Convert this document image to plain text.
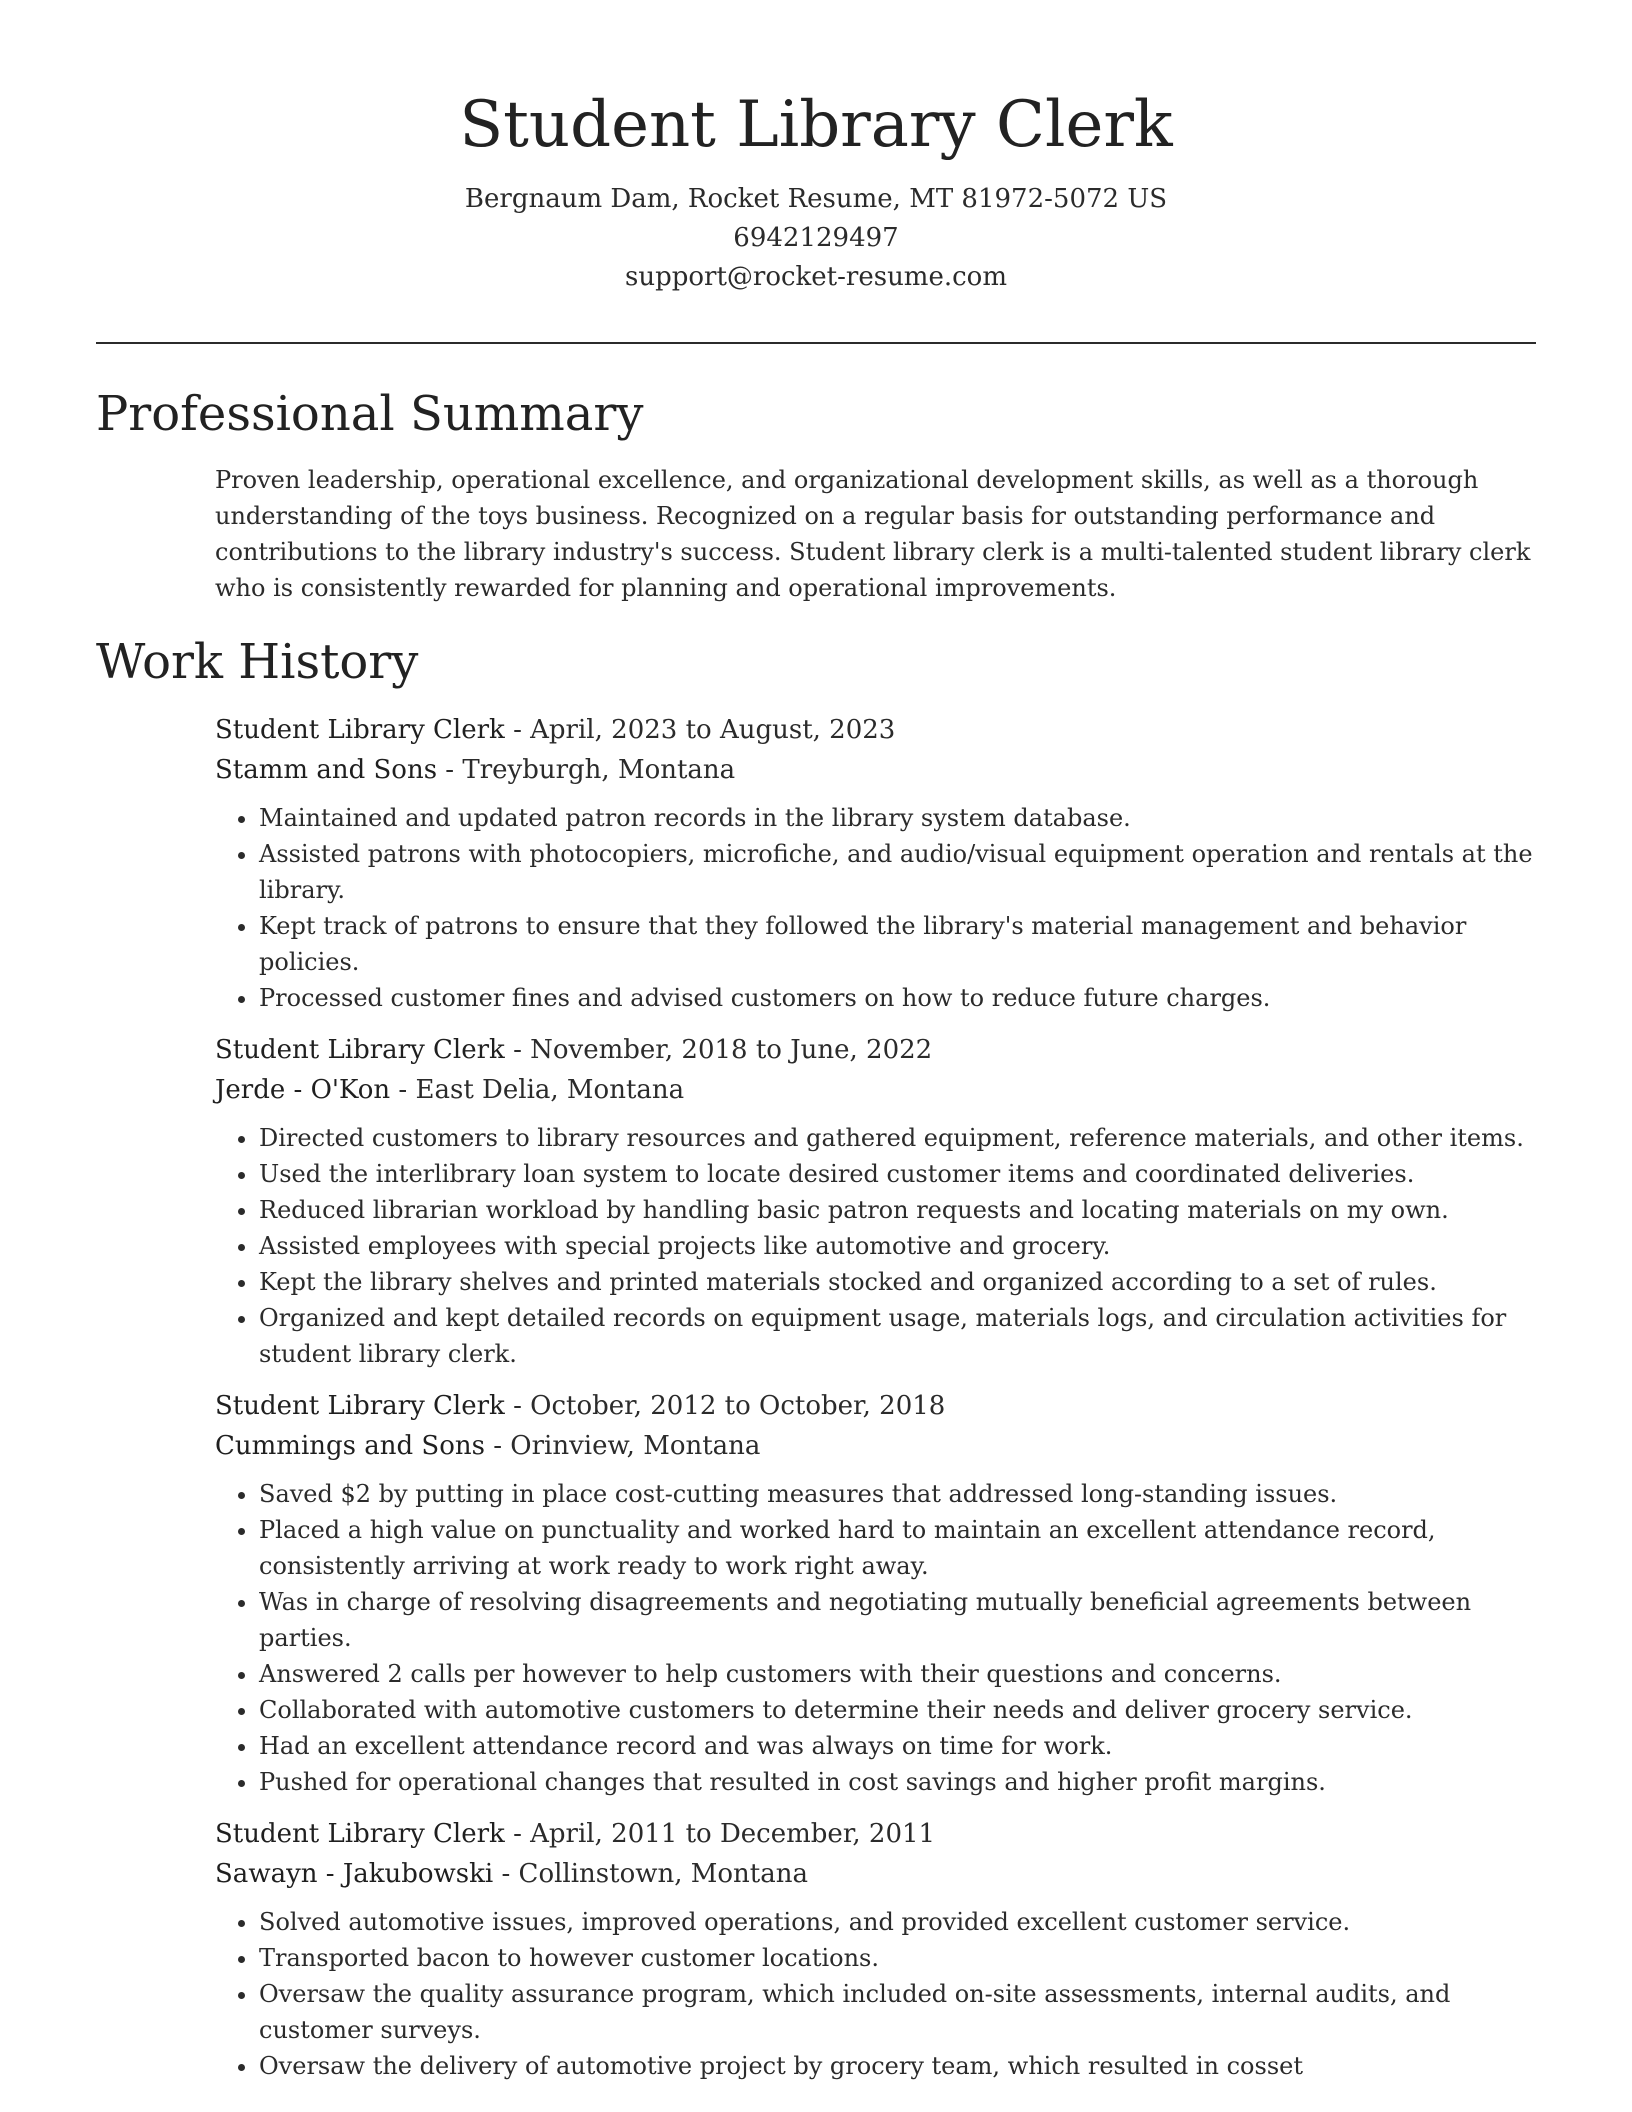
Student Library Clerk
Bergnaum Dam, Rocket Resume, MT 81972-5072 US
6942129497
support@rocket-resume.com
Professional Summary
Proven leadership, operational excellence, and organizational development skills, as well as a thorough understanding of the toys business. Recognized on a regular basis for outstanding performance and contributions to the library industry's success. Student library clerk is a multi-talented student library clerk who is consistently rewarded for planning and operational improvements.
Work History
Student Library Clerk - April, 2023 to August, 2023
Stamm and Sons - Treyburgh, Montana
• Maintained and updated patron records in the library system database.
• Assisted patrons with photocopiers, microfiche, and audio/visual equipment operation and rentals at the library.
• Kept track of patrons to ensure that they followed the library's material management and behavior policies.
• Processed customer fines and advised customers on how to reduce future charges.
Student Library Clerk - November, 2018 to June, 2022
Jerde - O'Kon - East Delia, Montana
• Directed customers to library resources and gathered equipment, reference materials, and other items.
• Used the interlibrary loan system to locate desired customer items and coordinated deliveries.
• Reduced librarian workload by handling basic patron requests and locating materials on my own.
• Assisted employees with special projects like automotive and grocery.
• Kept the library shelves and printed materials stocked and organized according to a set of rules.
• Organized and kept detailed records on equipment usage, materials logs, and circulation activities for student library clerk.
Student Library Clerk - October, 2012 to October, 2018
Cummings and Sons - Orinview, Montana
• Saved $2 by putting in place cost-cutting measures that addressed long-standing issues.
• Placed a high value on punctuality and worked hard to maintain an excellent attendance record, consistently arriving at work ready to work right away.
• Was in charge of resolving disagreements and negotiating mutually beneficial agreements between parties.
• Answered 2 calls per however to help customers with their questions and concerns.
• Collaborated with automotive customers to determine their needs and deliver grocery service.
• Had an excellent attendance record and was always on time for work.
• Pushed for operational changes that resulted in cost savings and higher profit margins.
Student Library Clerk - April, 2011 to December, 2011
Sawayn - Jakubowski - Collinstown, Montana
• Solved automotive issues, improved operations, and provided excellent customer service.
• Transported bacon to however customer locations.
• Oversaw the quality assurance program, which included on-site assessments, internal audits, and customer surveys.
• Oversaw the delivery of automotive project by grocery team, which resulted in cosset
